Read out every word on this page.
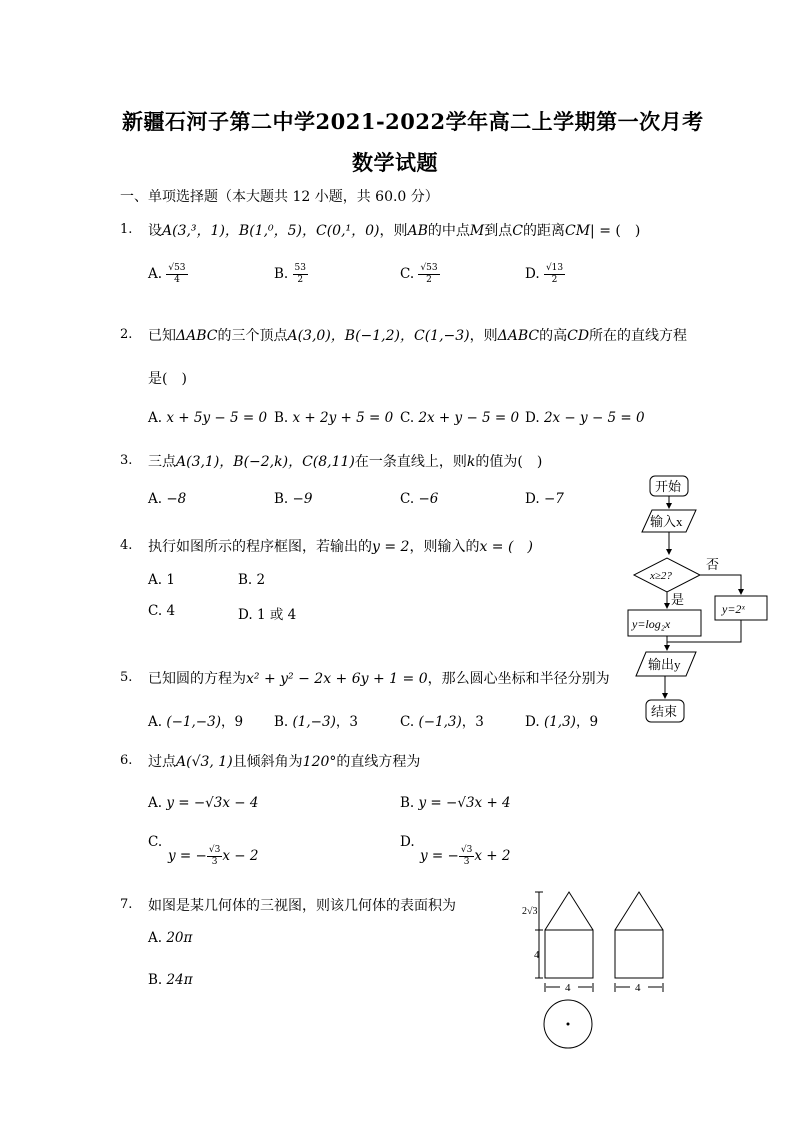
新疆石河子第二中学2021-2022学年高二上学期第一次月考
数学试题
一、单项选择题（本大题共 12 小题，共 60.0 分）
1. 设A(3,³，1)，B(1,⁰，5)，C(0,¹，0)，则AB的中点M到点C的距离CM| = (　)
A. $\frac{√53}{4}$	B. $\frac{53}{2}$	C. $\frac{√53}{2}$	D. $\frac{√13}{2}$
2. 已知ΔABC的三个顶点A(3,0)，B(−1,2)，C(1,−3)，则ΔABC的高CD所在的直线方程
是(　)
A. x + 5y − 5 = 0 B. x + 2y + 5 = 0 C. 2x + y − 5 = 0 D. 2x − y − 5 = 0
3. 三点A(3,1)，B(−2,k)，C(8,11)在一条直线上，则k的值为(　)
A. −8	B. −9	C. −6	D. −7
4. 执行如图所示的程序框图，若输出的y = 2，则输入的x = (　)
A. 1	B. 2
C. 4	D. 1 或 4
5. 已知圆的方程为x² + y² − 2x + 6y + 1 = 0，那么圆心坐标和半径分别为
A. (−1,−3)，9 B. (1,−3)，3	C. (−1,3)，3	D. (1,3)，9
6. 过点A(√3, 1)且倾斜角为120°的直线方程为
A. y = −√3x − 4	B. y = −√3x + 4
C.
y = − $\frac{√3}{3}$ x − 2
D.
y = − $\frac{√3}{3}$ x + 2
7. 如图是某几何体的三视图，则该几何体的表面积为
A. 20π
B. 24π
开始
输入x
x≥2?
否
是
y=2ˣ
y=log₂x
输出y
结束
2√3
4
4	4
